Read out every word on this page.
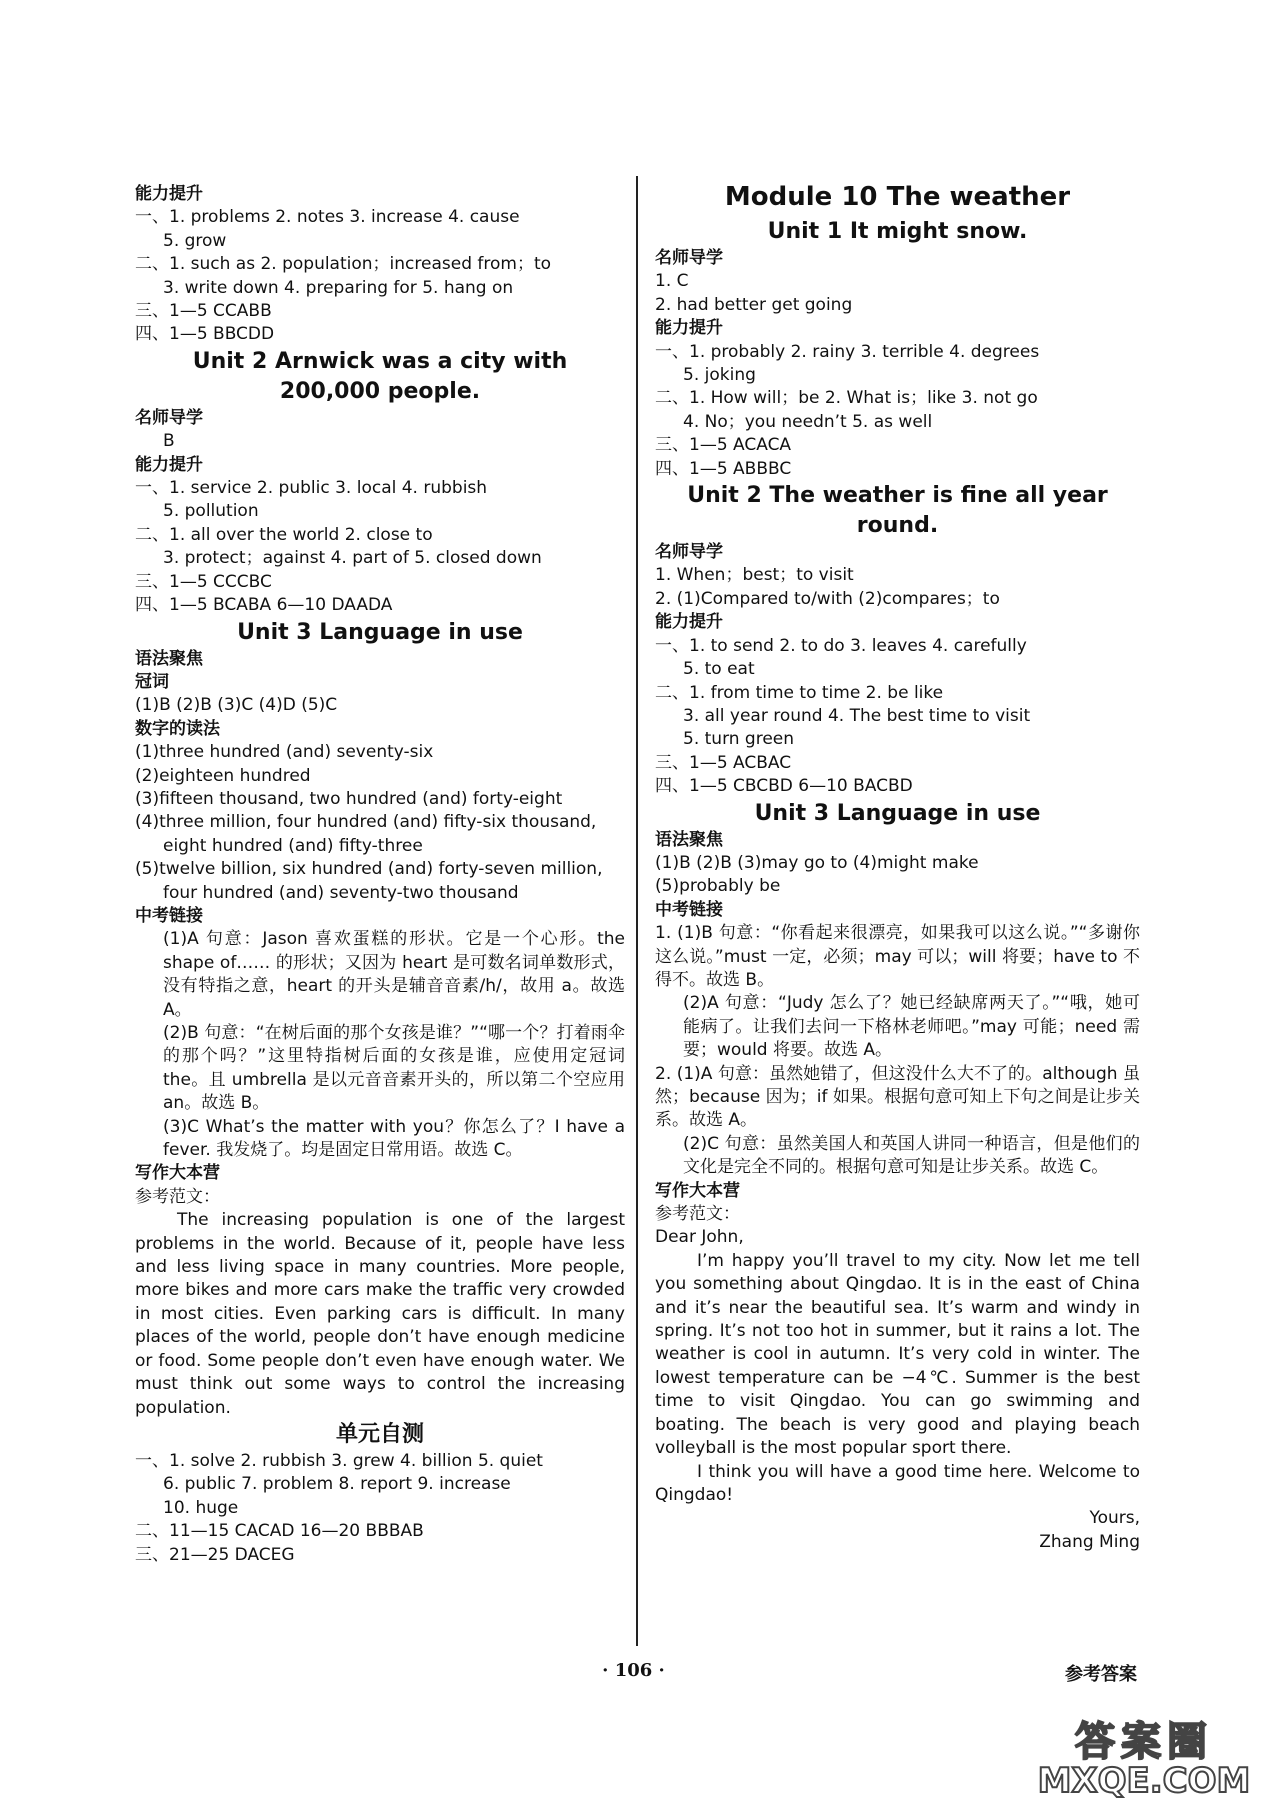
能力提升
一、1. problems 2. notes 3. increase 4. cause
5. grow
二、1. such as 2. population；increased from；to
3. write down 4. preparing for 5. hang on
三、1—5 CCABB
四、1—5 BBCDD
Unit 2 Arnwick was a city with
200,000 people.
名师导学
B
能力提升
一、1. service 2. public 3. local 4. rubbish
5. pollution
二、1. all over the world 2. close to
3. protect；against 4. part of 5. closed down
三、1—5 CCCBC
四、1—5 BCABA 6—10 DAADA
Unit 3 Language in use
语法聚焦
冠词
(1)B (2)B (3)C (4)D (5)C
数字的读法
(1)three hundred (and) seventy-six
(2)eighteen hundred
(3)fifteen thousand, two hundred (and) forty-eight
(4)three million, four hundred (and) fifty-six thousand,
eight hundred (and) fifty-three
(5)twelve billion, six hundred (and) forty-seven million,
four hundred (and) seventy-two thousand
中考链接
(1)A 句意：Jason 喜欢蛋糕的形状。它是一个心形。the shape of…… 的形状；又因为 heart 是可数名词单数形式，没有特指之意，heart 的开头是辅音音素/h/，故用 a。故选 A。
(2)B 句意：“在树后面的那个女孩是谁？”“哪一个？打着雨伞的那个吗？”这里特指树后面的女孩是谁，应使用定冠词 the。且 umbrella 是以元音音素开头的，所以第二个空应用 an。故选 B。
(3)C What’s the matter with you？你怎么了？I have a fever. 我发烧了。均是固定日常用语。故选 C。
写作大本营
参考范文：
The increasing population is one of the largest problems in the world. Because of it, people have less and less living space in many countries. More people, more bikes and more cars make the traffic very crowded in most cities. Even parking cars is difficult. In many places of the world, people don’t have enough medicine or food. Some people don’t even have enough water. We must think out some ways to control the increasing population.
单元自测
一、1. solve 2. rubbish 3. grew 4. billion 5. quiet
6. public 7. problem 8. report 9. increase
10. huge
二、11—15 CACAD 16—20 BBBAB
三、21—25 DACEG
Module 10 The weather
Unit 1 It might snow.
名师导学
1. C
2. had better get going
能力提升
一、1. probably 2. rainy 3. terrible 4. degrees
5. joking
二、1. How will；be 2. What is；like 3. not go
4. No；you needn’t 5. as well
三、1—5 ACACA
四、1—5 ABBBC
Unit 2 The weather is fine all year round.
名师导学
1. When；best；to visit
2. (1)Compared to/with (2)compares；to
能力提升
一、1. to send 2. to do 3. leaves 4. carefully
5. to eat
二、1. from time to time 2. be like
3. all year round 4. The best time to visit
5. turn green
三、1—5 ACBAC
四、1—5 CBCBD 6—10 BACBD
Unit 3 Language in use
语法聚焦
(1)B (2)B (3)may go to (4)might make
(5)probably be
中考链接
1. (1)B 句意：“你看起来很漂亮，如果我可以这么说。”“多谢你这么说。”must 一定，必须；may 可以；will 将要；have to 不得不。故选 B。
(2)A 句意：“Judy 怎么了？她已经缺席两天了。”“哦，她可能病了。让我们去问一下格林老师吧。”may 可能；need 需要；would 将要。故选 A。
2. (1)A 句意：虽然她错了，但这没什么大不了的。although 虽然；because 因为；if 如果。根据句意可知上下句之间是让步关系。故选 A。
(2)C 句意：虽然美国人和英国人讲同一种语言，但是他们的文化是完全不同的。根据句意可知是让步关系。故选 C。
写作大本营
参考范文：
Dear John,
I’m happy you’ll travel to my city. Now let me tell you something about Qingdao. It is in the east of China and it’s near the beautiful sea. It’s warm and windy in spring. It’s not too hot in summer, but it rains a lot. The weather is cool in autumn. It’s very cold in winter. The lowest temperature can be −4℃. Summer is the best time to visit Qingdao. You can go swimming and boating. The beach is very good and playing beach volleyball is the most popular sport there.
I think you will have a good time here. Welcome to Qingdao!
Yours,
Zhang Ming
· 106 ·	参考答案
答案圈
MXQE.COM
